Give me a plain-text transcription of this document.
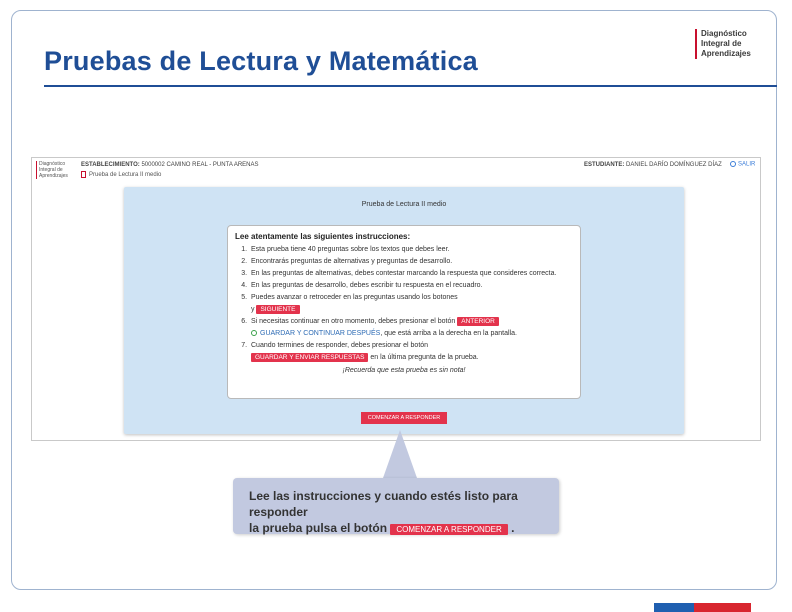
Pruebas de Lectura y Matemática
Diagnóstico
Integral de
Aprendizajes
Diagnóstico
Integral de
Aprendizajes
ESTABLECIMIENTO: 5000002 CAMINO REAL - PUNTA ARENAS
Prueba de Lectura II medio
ESTUDIANTE: DANIEL DARÍO DOMÍNGUEZ DÍAZ	SALIR
Prueba de Lectura II medio

Lee atentamente las siguientes instrucciones:

1. Esta prueba tiene 40 preguntas sobre los textos que debes leer.
2. Encontrarás preguntas de alternativas y preguntas de desarrollo.
3. En las preguntas de alternativas, debes contestar marcando la respuesta que consideres correcta.
4. En las preguntas de desarrollo, debes escribir tu respuesta en el recuadro.
5. Puedes avanzar o retroceder en las preguntas usando los botones
y SIGUIENTE
6. Si necesitas continuar en otro momento, debes presionar el botón ANTERIOR
GUARDAR Y CONTINUAR DESPUÉS, que está arriba a la derecha en la pantalla.
7. Cuando termines de responder, debes presionar el botón
GUARDAR Y ENVIAR RESPUESTAS en la última pregunta de la prueba.
¡Recuerda que esta prueba es sin nota!
COMENZAR A RESPONDER
Lee las instrucciones y cuando estés listo para responder
la prueba pulsa el botón COMENZAR A RESPONDER .
